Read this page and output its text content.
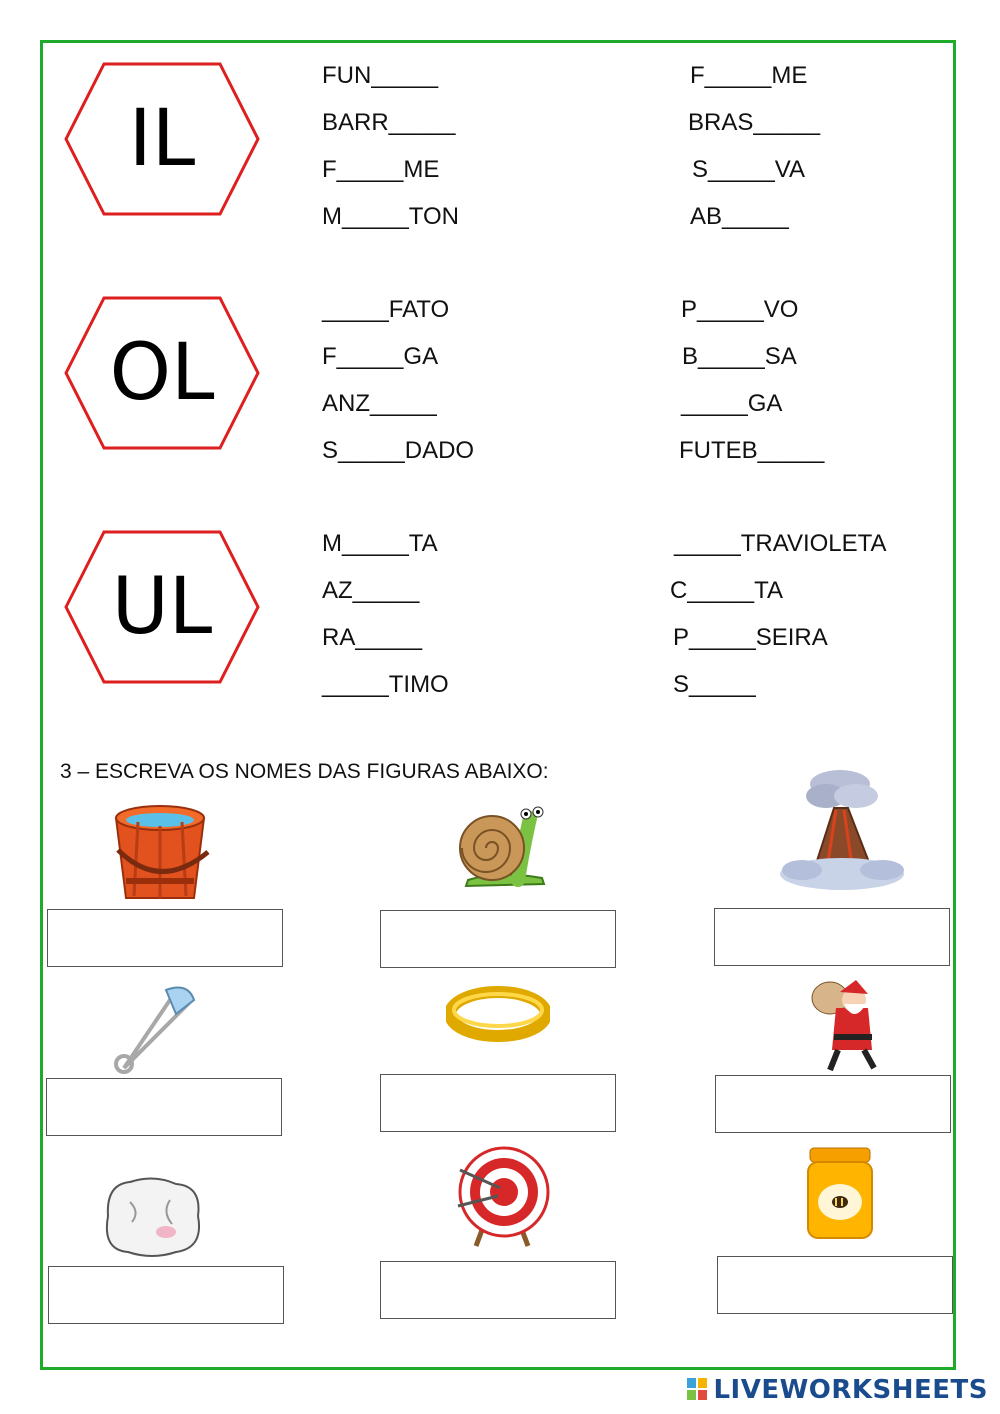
IL
FUN_____
BARR_____
F_____ME
M_____TON
F_____ME
BRAS_____
S_____VA
AB_____
OL
_____FATO
F_____GA
ANZ_____
S_____DADO
P_____VO
B_____SA
_____GA
FUTEB_____
UL
M_____TA
AZ_____
RA_____
_____TIMO
_____TRAVIOLETA
C_____TA
P_____SEIRA
S_____
3 – ESCREVA OS NOMES DAS FIGURAS ABAIXO:
LIVEWORKSHEETS
